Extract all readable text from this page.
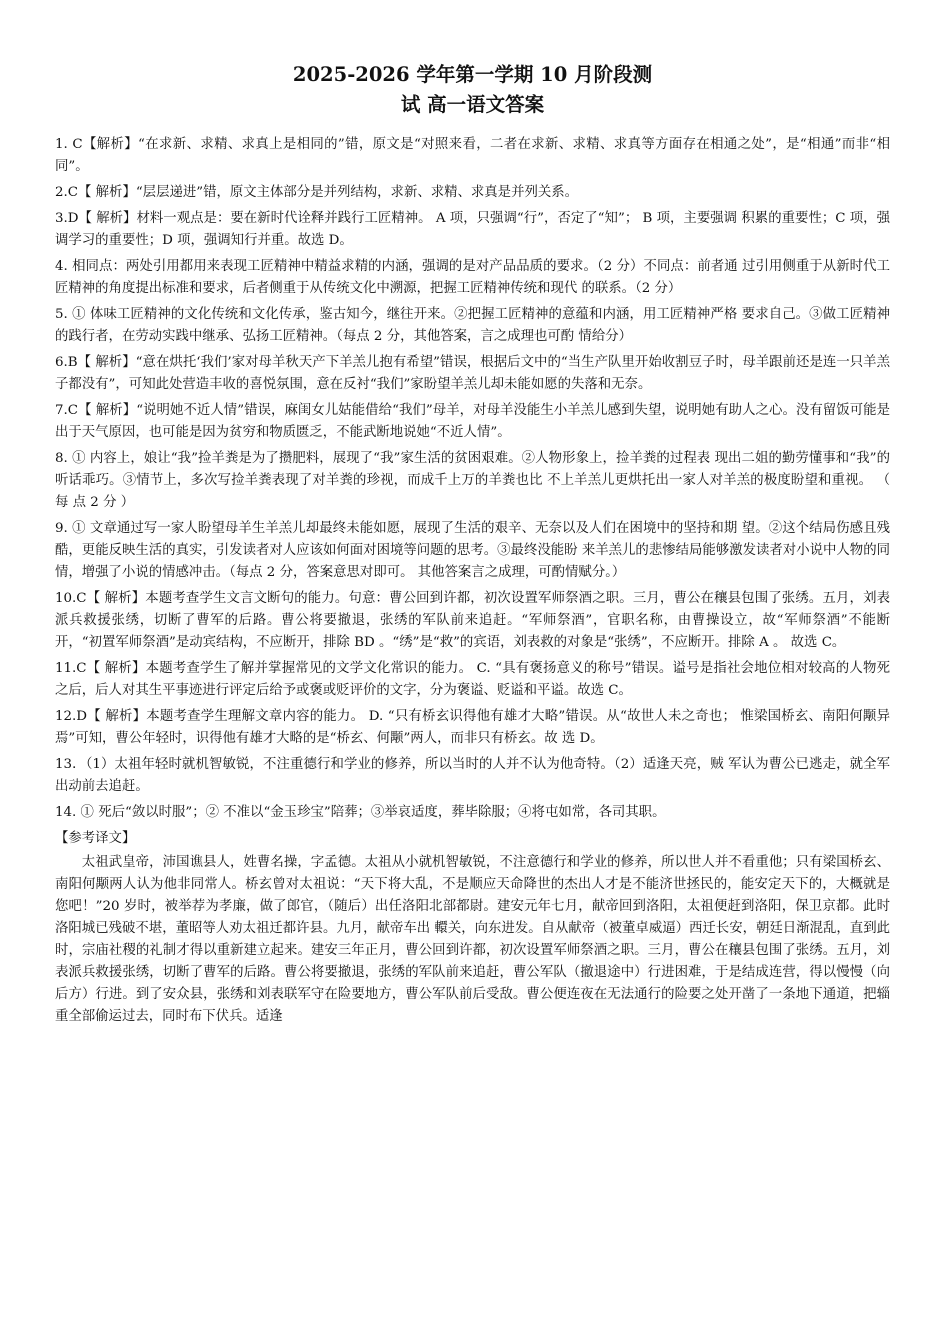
2025-2026 学年第一学期 10 月阶段测
试 高一语文答案

1. C【解析】“在求新、求精、求真上是相同的”错，原文是“对照来看，二者在求新、求精、求真等方面存在相通之处”，是“相通”而非“相同”。

2.C【 解析】“层层递进”错，原文主体部分是并列结构，求新、求精、求真是并列关系。

3.D【 解析】材料一观点是：要在新时代诠释并践行工匠精神。 A 项，只强调“行”，否定了“知”； B 项，主要强调 积累的重要性；C 项，强调学习的重要性；D 项，强调知行并重。故选 D。

4. 相同点：两处引用都用来表现工匠精神中精益求精的内涵，强调的是对产品品质的要求。（2 分）不同点：前者通 过引用侧重于从新时代工匠精神的角度提出标准和要求，后者侧重于从传统文化中溯源，把握工匠精神传统和现代 的联系。（2 分）

5. ① 体味工匠精神的文化传统和文化传承，鉴古知今，继往开来。②把握工匠精神的意蕴和内涵，用工匠精神严格 要求自己。③做工匠精神的践行者，在劳动实践中继承、弘扬工匠精神。（每点 2 分，其他答案，言之成理也可酌 情给分）

6.B【 解析】“意在烘托‘我们’家对母羊秋天产下羊羔儿抱有希望”错误，根据后文中的“当生产队里开始收割豆子时，母羊跟前还是连一只羊羔子都没有”，可知此处营造丰收的喜悦氛围，意在反衬“我们”家盼望羊羔儿却未能如愿的失落和无奈。

7.C【 解析】“说明她不近人情”错误，麻闺女儿姑能借给“我们”母羊，对母羊没能生小羊羔儿感到失望，说明她有助人之心。没有留饭可能是出于天气原因，也可能是因为贫穷和物质匮乏，不能武断地说她“不近人情”。

8. ① 内容上，娘让“我”捡羊粪是为了攒肥料，展现了“我”家生活的贫困艰难。②人物形象上，捡羊粪的过程表 现出二姐的勤劳懂事和“我”的听话乖巧。③情节上，多次写捡羊粪表现了对羊粪的珍视，而成千上万的羊粪也比 不上羊羔儿更烘托出一家人对羊羔的极度盼望和重视。 （ 每 点 2 分 ）

9. ① 文章通过写一家人盼望母羊生羊羔儿却最终未能如愿，展现了生活的艰辛、无奈以及人们在困境中的坚持和期 望。②这个结局伤感且残酷，更能反映生活的真实，引发读者对人应该如何面对困境等问题的思考。③最终没能盼 来羊羔儿的悲惨结局能够激发读者对小说中人物的同情，增强了小说的情感冲击。（每点 2 分，答案意思对即可。 其他答案言之成理，可酌情赋分。）

10.C【 解析】本题考查学生文言文断句的能力。句意：曹公回到许都，初次设置军师祭酒之职。三月，曹公在穰县包围了张绣。五月，刘表派兵救援张绣，切断了曹军的后路。曹公将要撤退，张绣的军队前来追赶。“军师祭酒”，官职名称，由曹操设立，故“军师祭酒”不能断开，“初置军师祭酒”是动宾结构，不应断开，排除 BD 。“绣”是“救”的宾语，刘表救的对象是“张绣”，不应断开。排除 A 。 故选 C。

11.C【 解析】本题考查学生了解并掌握常见的文学文化常识的能力。 C. “具有褒扬意义的称号”错误。谥号是指社会地位相对较高的人物死之后，后人对其生平事迹进行评定后给予或褒或贬评价的文字，分为褒谥、贬谥和平谥。故选 C。

12.D【 解析】本题考查学生理解文章内容的能力。 D. “只有桥玄识得他有雄才大略”错误。从“故世人未之奇也； 惟梁国桥玄、南阳何颙异焉”可知，曹公年轻时，识得他有雄才大略的是“桥玄、何颙”两人，而非只有桥玄。故 选 D。

13．（1）太祖年轻时就机智敏锐，不注重德行和学业的修养，所以当时的人并不认为他奇特。（2）适逢天亮，贼 军认为曹公已逃走，就全军出动前去追赶。

14. ① 死后“敛以时服”；② 不准以“金玉珍宝”陪葬；③举哀适度，葬毕除服；④将屯如常，各司其职。

【参考译文】

太祖武皇帝，沛国谯县人，姓曹名操，字孟德。太祖从小就机智敏锐，不注意德行和学业的修养，所以世人并不看重他；只有梁国桥玄、南阳何颙两人认为他非同常人。桥玄曾对太祖说：“天下将大乱，不是顺应天命降世的杰出人才是不能济世拯民的，能安定天下的，大概就是您吧！”20 岁时，被举荐为孝廉，做了郎官，（随后）出任洛阳北部都尉。建安元年七月，献帝回到洛阳，太祖便赶到洛阳，保卫京都。此时洛阳城已残破不堪，董昭等人劝太祖迁都许县。九月，献帝车出 轘关，向东进发。自从献帝（被董卓威逼）西迁长安，朝廷日渐混乱，直到此时，宗庙社稷的礼制才得以重新建立起来。建安三年正月，曹公回到许都，初次设置军师祭酒之职。三月，曹公在穰县包围了张绣。五月，刘表派兵救援张绣，切断了曹军的后路。曹公将要撤退，张绣的军队前来追赶，曹公军队（撤退途中）行进困难，于是结成连营，得以慢慢（向后方）行进。到了安众县，张绣和刘表联军守在险要地方，曹公军队前后受敌。曹公便连夜在无法通行的险要之处开凿了一条地下通道，把辎重全部偷运过去，同时布下伏兵。适逢
